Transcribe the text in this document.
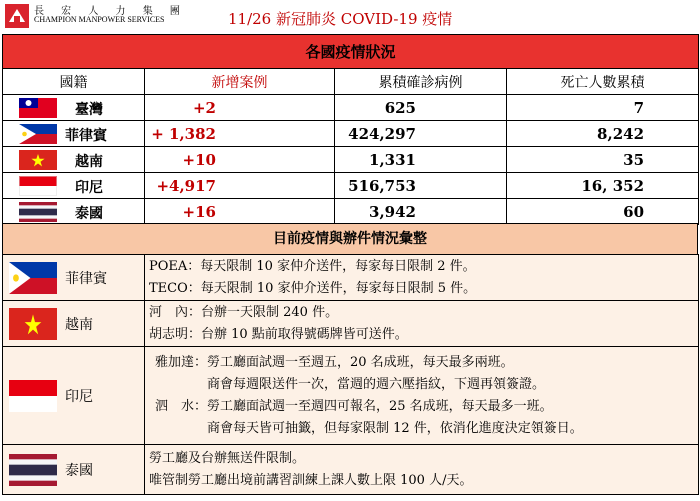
長 宏 人 力 集 團
CHAMPION MANPOWER SERVICES	11/26 新冠肺炎 COVID-19 疫情
各國疫情狀況			
國籍	新增案例	累積確診病例	死亡人數累積

臺灣	+2	625	7

菲律賓	+ 1,382	424,297	8,242

越南	+10	1,331	35

印尼	+4,917	516,753	16, 352

泰國	+16	3,942	60
目前疫情與辦件情況彙整
菲律賓	POEA：每天限制 10 家仲介送件，每家每日限制 2 件。
TECO：每天限制 10 家仲介送件，每家每日限制 5 件。

越南	河　內：台辦一天限制 240 件。
胡志明：台辦 10 點前取得號碼牌皆可送件。

印尼	雅加達：勞工廳面試週一至週五，20 名成班，每天最多兩班。
　　　　商會每週限送件一次，當週的週六壓指紋，下週再領簽證。
泗　水：勞工廳面試週一至週四可報名，25 名成班，每天最多一班。
　　　　商會每天皆可抽籤，但每家限制 12 件，依消化進度決定領簽日。

泰國	勞工廳及台辦無送件限制。
唯管制勞工廳出境前講習訓練上課人數上限 100 人/天。
